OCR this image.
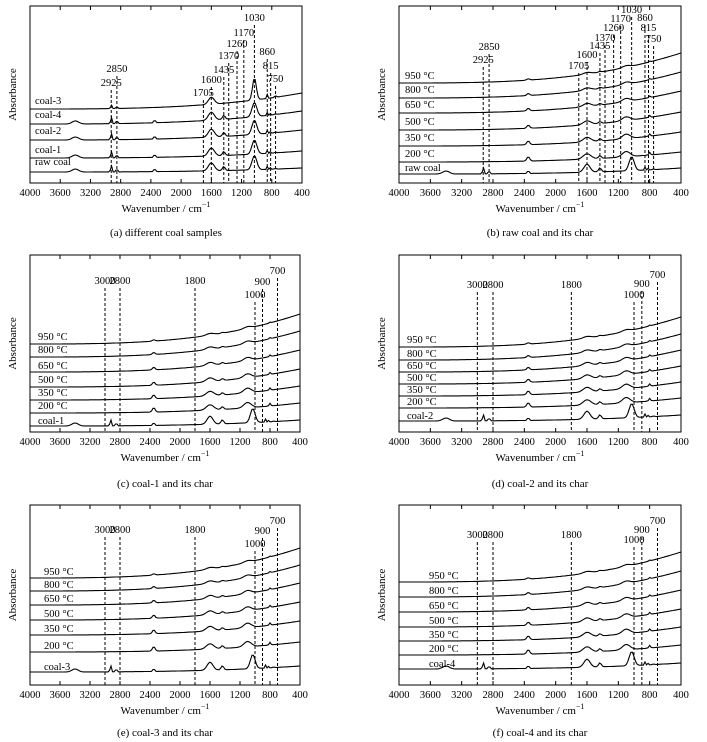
4000 3600 3200 2800 2400 2000 1600 1200 800 400
Wavenumber / $cm^{-1}$
Absorbance
(a) different coal samples
2925
2850
1705
1600
1435
1370
1260
1170
1030
860
815
750
raw coal
coal-1
coal-2
coal-4
coal-3
4000 3600 3200 2800 2400 2000 1600 1200 800 400
Wavenumber / $cm^{-1}$
Absorbance
(b) raw coal and its char
2925
2850
1705
1600
1435
1370
1260
1170
1030
860
815
750
raw coal
200 °C
350 °C
500 °C
650 °C
800 °C
950 °C
4000 3600 3200 2800 2400 2000 1600 1200 800 400
Wavenumber / $cm^{-1}$
Absorbance
(c) coal-1 and its char
3000
2800	1800
1000
900
700
coal-1
200 °C
350 °C
500 °C
650 °C
800 °C
950 °C
4000 3600 3200 2800 2400 2000 1600 1200 800 400
Wavenumber / $cm^{-1}$
Absorbance
(d) coal-2 and its char
3000
2800	1800
1000
900
700
coal-2
200 °C
350 °C
500 °C
650 °C
800 °C
950 °C
4000 3600 3200 2800 2400 2000 1600 1200 800 400
Wavenumber / $cm^{-1}$
Absorbance
(e) coal-3 and its char
3000
2800	1800
1000
900
700
coal-3
200 °C
350 °C
500 °C
650 °C
800 °C
950 °C
4000 3600 3200 2800 2400 2000 1600 1200 800 400
Wavenumber / $cm^{-1}$
Absorbance
(f) coal-4 and its char
3000
2800	1800	1000
900
700
coal-4
200 °C
350 °C
500 °C
650 °C
800 °C
950 °C
